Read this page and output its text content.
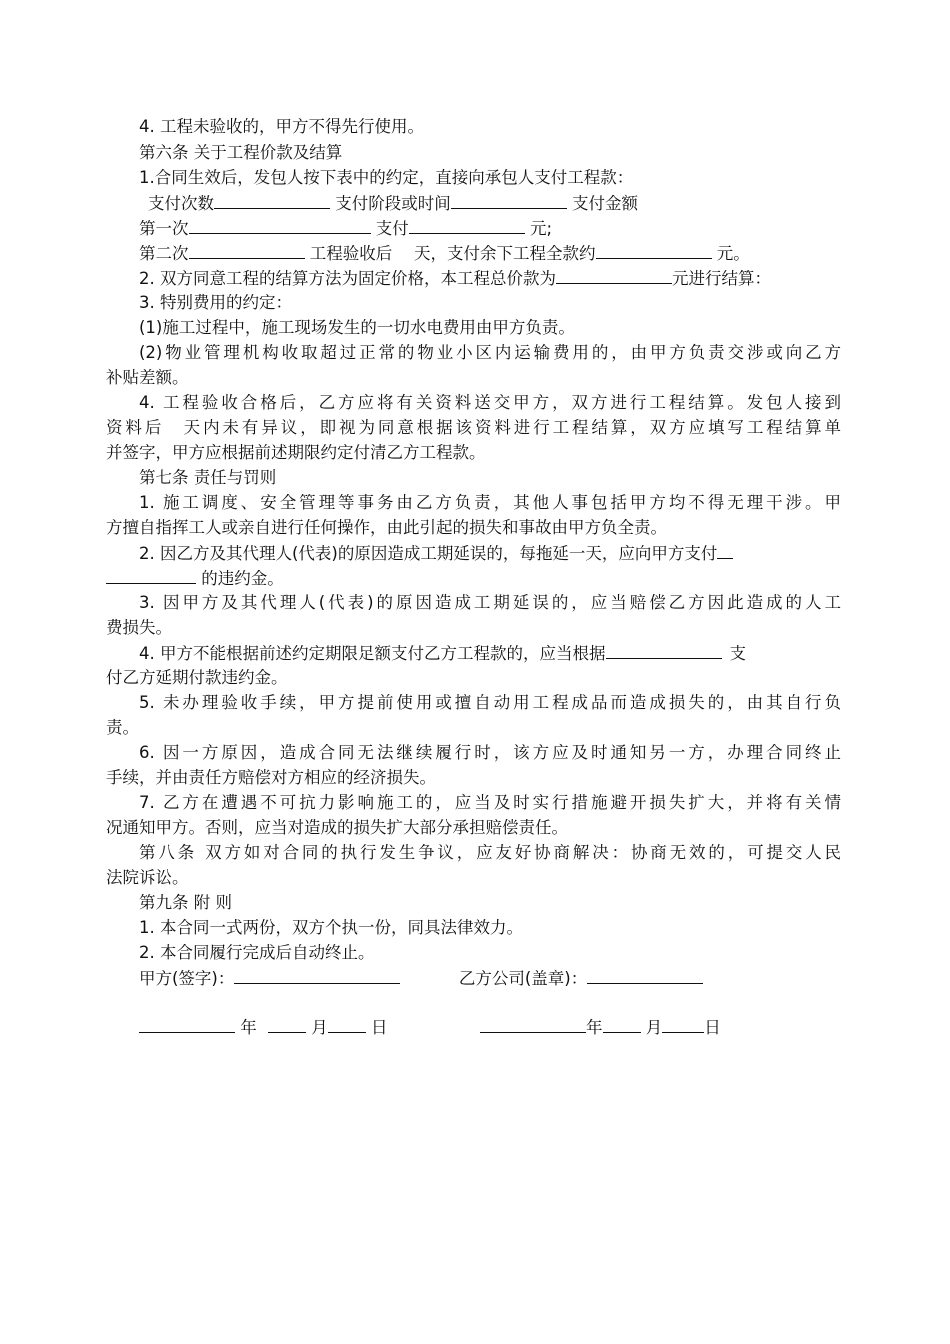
4. 工程未验收的，甲方不得先行使用。
第六条 关于工程价款及结算
1.合同生效后，发包人按下表中的约定，直接向承包人支付工程款：
支付次数	支付阶段或时间	支付金额
第一次	支付	元;
第二次	工程验收后　 天，支付余下工程全款约	元。
2. 双方同意工程的结算方法为固定价格，本工程总价款为	元进行结算：
3. 特别费用的约定：
(1)施工过程中，施工现场发生的一切水电费用由甲方负责。
(2)物业管理机构收取超过正常的物业小区内运输费用的，由甲方负责交涉或向乙方
补贴差额。
4. 工程验收合格后，乙方应将有关资料送交甲方，双方进行工程结算。发包人接到
资料后　天内未有异议，即视为同意根据该资料进行工程结算，双方应填写工程结算单
并签字，甲方应根据前述期限约定付清乙方工程款。
第七条 责任与罚则
1. 施工调度、安全管理等事务由乙方负责，其他人事包括甲方均不得无理干涉。甲
方擅自指挥工人或亲自进行任何操作，由此引起的损失和事故由甲方负全责。
2. 因乙方及其代理人(代表)的原因造成工期延误的，每拖延一天，应向甲方支付
的违约金。
3. 因甲方及其代理人(代表)的原因造成工期延误的，应当赔偿乙方因此造成的人工
费损失。
4. 甲方不能根据前述约定期限足额支付乙方工程款的，应当根据	支
付乙方延期付款违约金。
5. 未办理验收手续，甲方提前使用或擅自动用工程成品而造成损失的，由其自行负
责。
6. 因一方原因，造成合同无法继续履行时，该方应及时通知另一方，办理合同终止
手续，并由责任方赔偿对方相应的经济损失。
7. 乙方在遭遇不可抗力影响施工的，应当及时实行措施避开损失扩大，并将有关情
况通知甲方。否则，应当对造成的损失扩大部分承担赔偿责任。
第八条 双方如对合同的执行发生争议，应友好协商解决：协商无效的，可提交人民
法院诉讼。
第九条 附 则
1. 本合同一式两份，双方个执一份，同具法律效力。
2. 本合同履行完成后自动终止。
甲方(签字)：	乙方公司(盖章)：
年	月	日	年	月	日
